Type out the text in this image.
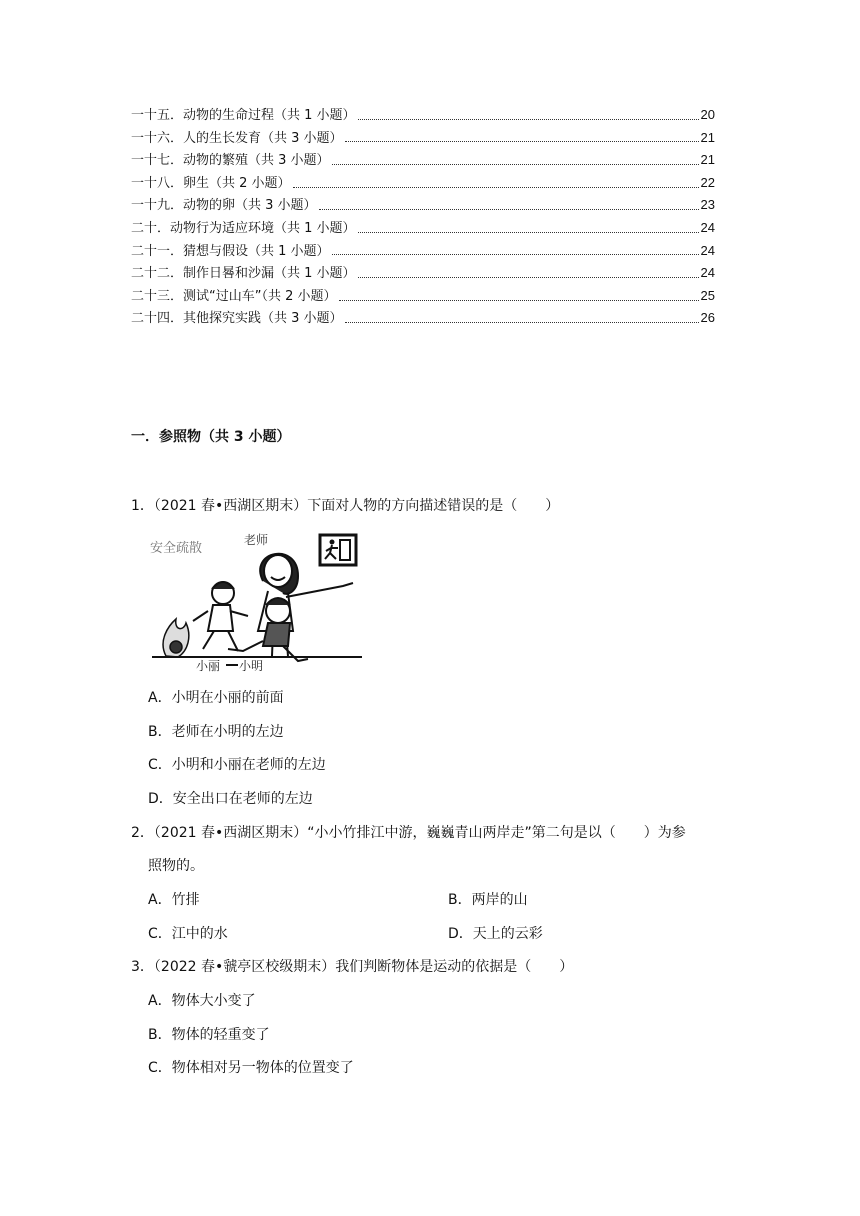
一十五．动物的生命过程（共 1 小题）	20
一十六．人的生长发育（共 3 小题）	21
一十七．动物的繁殖（共 3 小题）	21
一十八．卵生（共 2 小题）	22
一十九．动物的卵（共 3 小题）	23
二十．动物行为适应环境（共 1 小题）	24
二十一．猜想与假设（共 1 小题）	24
二十二．制作日晷和沙漏（共 1 小题）	24
二十三．测试“过山车”（共 2 小题）	25
二十四．其他探究实践（共 3 小题）	26
一．参照物（共 3 小题）
1．（2021 春•西湖区期末）下面对人物的方向描述错误的是（　　）
安全疏散
老师
小丽 小明
A．小明在小丽的前面
B．老师在小明的左边
C．小明和小丽在老师的左边
D．安全出口在老师的左边
2．（2021 春•西湖区期末）“小小竹排江中游，巍巍青山两岸走”第二句是以（　　）为参
照物的。
A．竹排	B．两岸的山
C．江中的水	D．天上的云彩
3．（2022 春•虢亭区校级期末）我们判断物体是运动的依据是（　　）
A．物体大小变了
B．物体的轻重变了
C．物体相对另一物体的位置变了
